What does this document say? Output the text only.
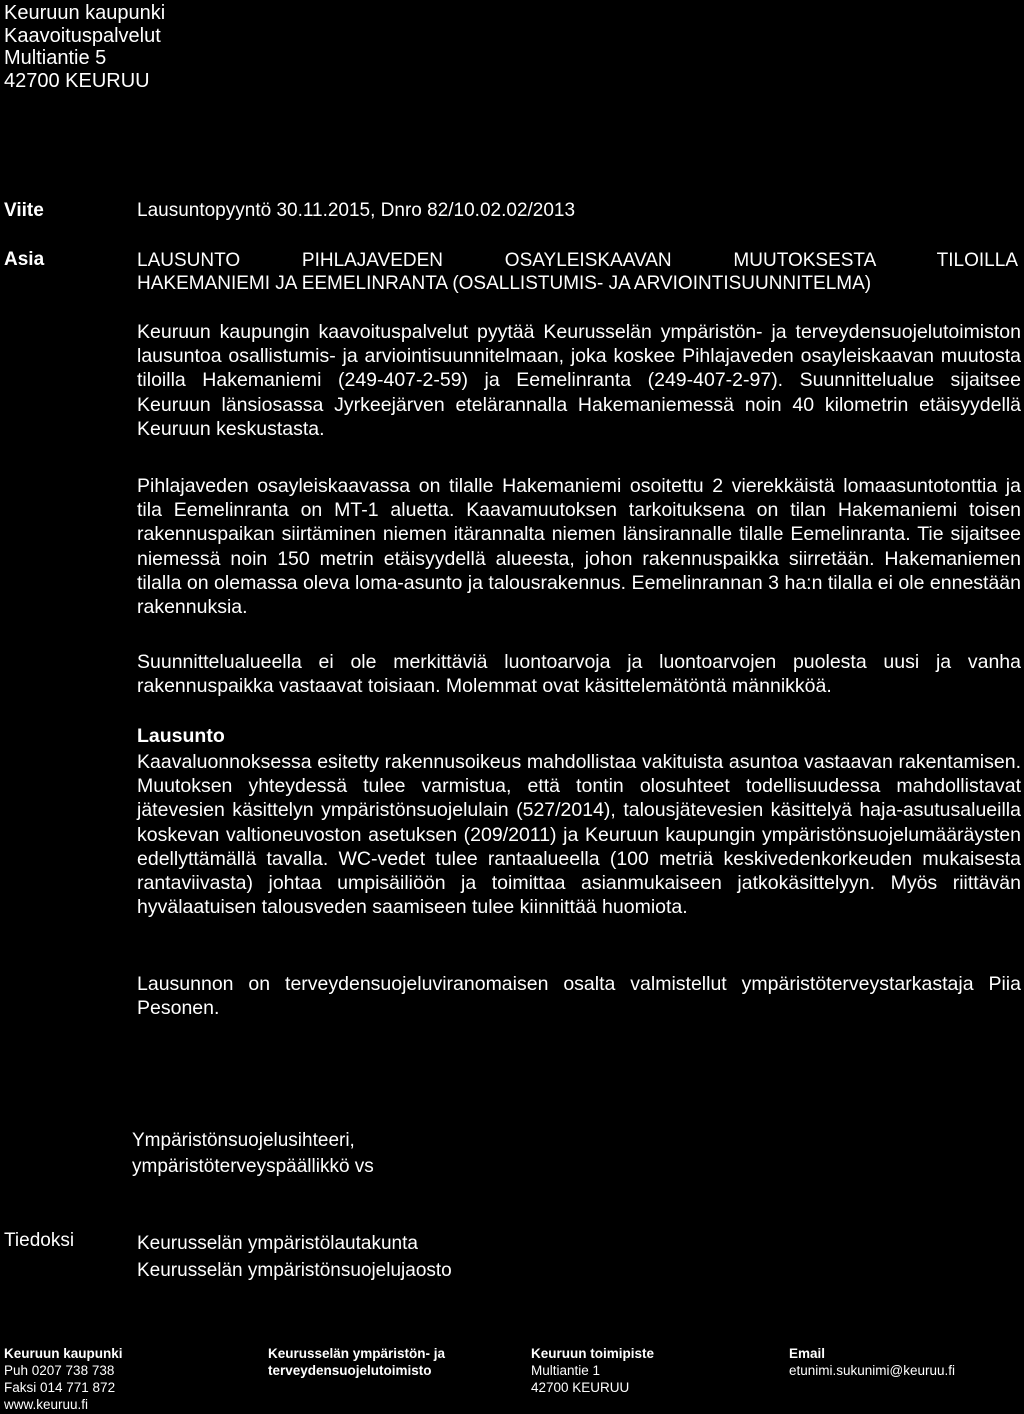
Keuruun kaupunki
Kaavoituspalvelut
Multiantie 5
42700 KEURUU
Viite	Lausuntopyyntö 30.11.2015, Dnro 82/10.02.02/2013
Asia	LAUSUNTO PIHLAJAVEDEN OSAYLEISKAAVAN MUUTOKSESTA TILOILLA
HAKEMANIEMI JA EEMELINRANTA (OSALLISTUMIS- JA ARVIOINTISUUNNITELMA)
Keuruun kaupungin kaavoituspalvelut pyytää Keurusselän ympäristön- ja terveydensuojelutoimiston lausuntoa osallistumis- ja arviointisuunnitelmaan, joka koskee Pihlajaveden osayleiskaavan muutosta tiloilla Hakemaniemi (249-407-2-59) ja Eemelinranta (249-407-2-97). Suunnittelualue sijaitsee Keuruun länsiosassa Jyrkeejärven etelärannalla Hakemaniemessä noin 40 kilometrin etäisyydellä Keuruun keskustasta.
Pihlajaveden osayleiskaavassa on tilalle Hakemaniemi osoitettu 2 vierekkäistä lomaasuntotonttia ja tila Eemelinranta on MT-1 aluetta. Kaavamuutoksen tarkoituksena on tilan Hakemaniemi toisen rakennuspaikan siirtäminen niemen itärannalta niemen länsirannalle tilalle Eemelinranta. Tie sijaitsee niemessä noin 150 metrin etäisyydellä alueesta, johon rakennuspaikka siirretään. Hakemaniemen tilalla on olemassa oleva loma-asunto ja talousrakennus. Eemelinrannan 3 ha:n tilalla ei ole ennestään rakennuksia.
Suunnittelualueella ei ole merkittäviä luontoarvoja ja luontoarvojen puolesta uusi ja vanha rakennuspaikka vastaavat toisiaan. Molemmat ovat käsittelemätöntä männikköä.
Lausunto
Kaavaluonnoksessa esitetty rakennusoikeus mahdollistaa vakituista asuntoa vastaavan rakentamisen. Muutoksen yhteydessä tulee varmistua, että tontin olosuhteet todellisuudessa mahdollistavat jätevesien käsittelyn ympäristönsuojelulain (527/2014), talousjätevesien käsittelyä haja-asutusalueilla koskevan valtioneuvoston asetuksen (209/2011) ja Keuruun kaupungin ympäristönsuojelumääräysten edellyttämällä tavalla. WC-vedet tulee rantaalueella (100 metriä keskivedenkorkeuden mukaisesta rantaviivasta) johtaa umpisäiliöön ja toimittaa asianmukaiseen jatkokäsittelyyn. Myös riittävän hyvälaatuisen talousveden saamiseen tulee kiinnittää huomiota.
Lausunnon on terveydensuojeluviranomaisen osalta valmistellut ympäristöterveystarkastaja Piia Pesonen.
Ympäristönsuojelusihteeri,
ympäristöterveyspäällikkö vs
Tiedoksi	Keurusselän ympäristölautakunta
Keurusselän ympäristönsuojelujaosto
Keuruun kaupunki
Puh 0207 738 738
Faksi 014 771 872
www.keuruu.fi
Keurusselän ympäristön- ja
terveydensuojelutoimisto
Keuruun toimipiste
Multiantie 1
42700 KEURUU
Email
etunimi.sukunimi@keuruu.fi
